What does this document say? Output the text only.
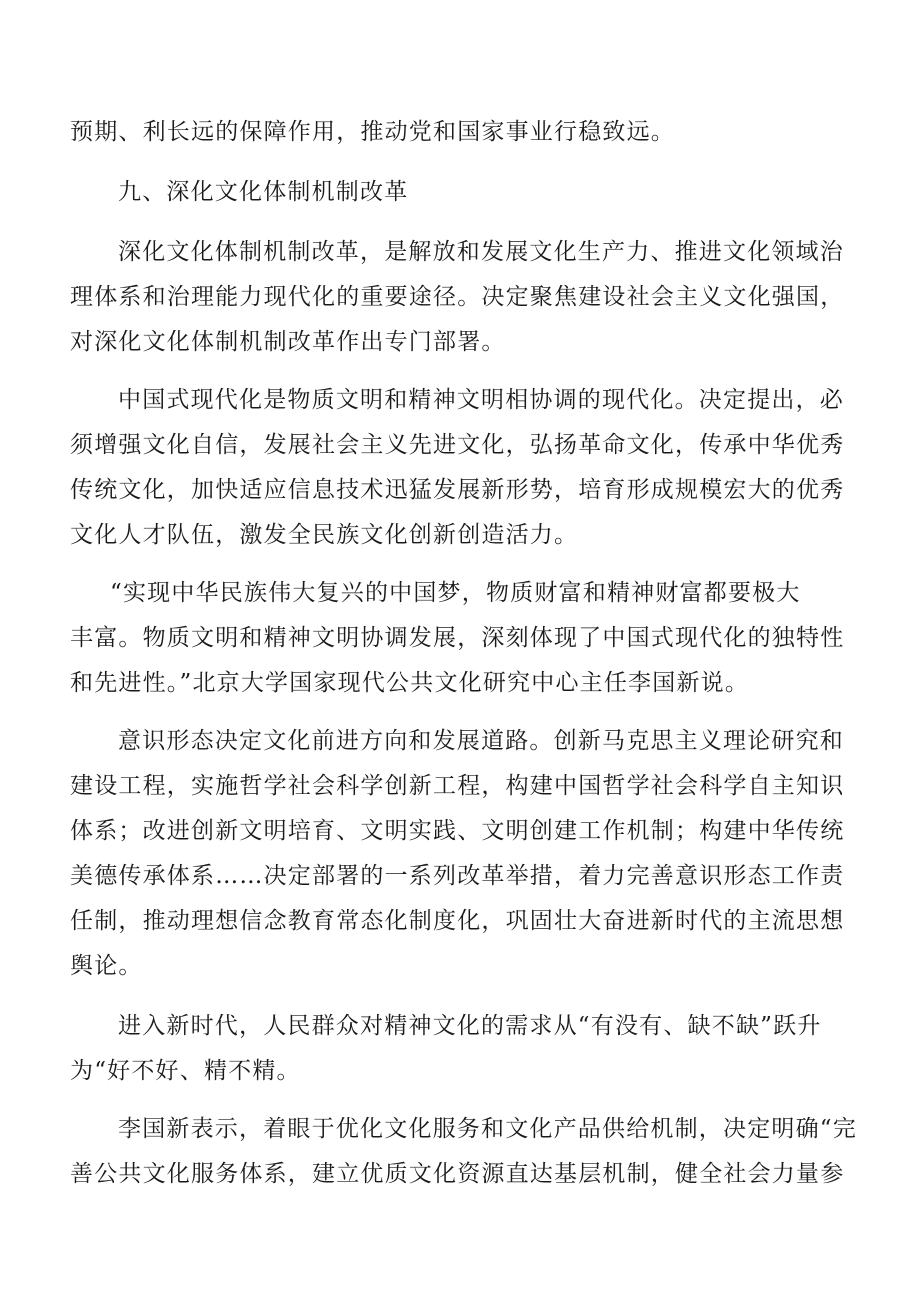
预期、利长远的保障作用，推动党和国家事业行稳致远。
九、深化文化体制机制改革
深化文化体制机制改革，是解放和发展文化生产力、推进文化领域治
理体系和治理能力现代化的重要途径。决定聚焦建设社会主义文化强国，
对深化文化体制机制改革作出专门部署。
中国式现代化是物质文明和精神文明相协调的现代化。决定提出，必
须增强文化自信，发展社会主义先进文化，弘扬革命文化，传承中华优秀
传统文化，加快适应信息技术迅猛发展新形势，培育形成规模宏大的优秀
文化人才队伍，激发全民族文化创新创造活力。
“实现中华民族伟大复兴的中国梦，物质财富和精神财富都要极大
丰富。物质文明和精神文明协调发展，深刻体现了中国式现代化的独特性
和先进性。”北京大学国家现代公共文化研究中心主任李国新说。
意识形态决定文化前进方向和发展道路。创新马克思主义理论研究和
建设工程，实施哲学社会科学创新工程，构建中国哲学社会科学自主知识
体系；改进创新文明培育、文明实践、文明创建工作机制；构建中华传统
美德传承体系……决定部署的一系列改革举措，着力完善意识形态工作责
任制，推动理想信念教育常态化制度化，巩固壮大奋进新时代的主流思想
舆论。
进入新时代，人民群众对精神文化的需求从“有没有、缺不缺”跃升
为“好不好、精不精。
李国新表示，着眼于优化文化服务和文化产品供给机制，决定明确“完
善公共文化服务体系，建立优质文化资源直达基层机制，健全社会力量参
